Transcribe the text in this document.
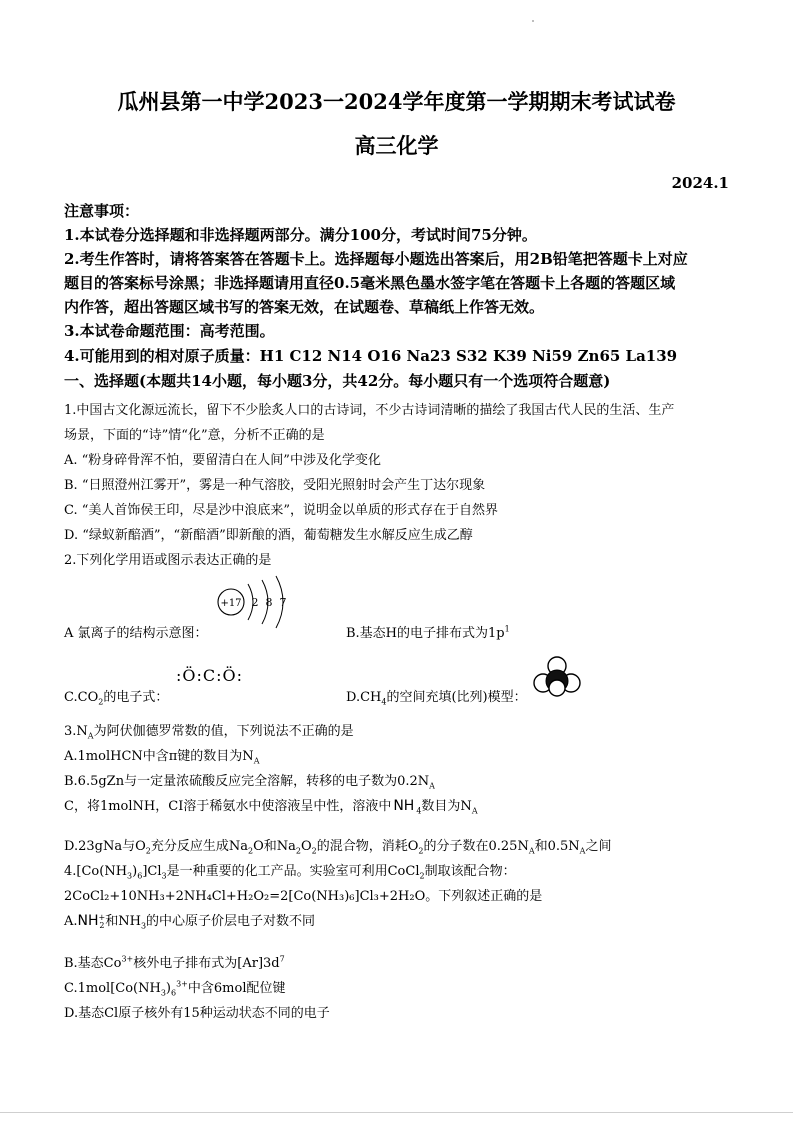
瓜州县第一中学2023一2024学年度第一学期期末考试试卷
高三化学
2024.1
注意事项：
1.本试卷分选择题和非选择题两部分。满分100分，考试时间75分钟。
2.考生作答时，请将答案答在答题卡上。选择题每小题选出答案后，用2B铅笔把答题卡上对应
题目的答案标号涂黑；非选择题请用直径0.5毫米黑色墨水签字笔在答题卡上各题的答题区域
内作答，超出答题区域书写的答案无效，在试题卷、草稿纸上作答无效。
3.本试卷命题范围：高考范围。
4.可能用到的相对原子质量：H1 C12 N14 O16 Na23 S32 K39 Ni59 Zn65 La139
一、选择题(本题共14小题，每小题3分，共42分。每小题只有一个选项符合题意)
1.中国古文化源远流长，留下不少脍炙人口的古诗词，不少古诗词清晰的描绘了我国古代人民的生活、生产
场景，下面的“诗”情“化”意，分析不正确的是
A. “粉身碎骨浑不怕，要留清白在人间”中涉及化学变化
B. “日照澄州江雾开”，雾是一种气溶胶，受阳光照射时会产生丁达尔现象
C. “美人首饰侯王印，尽是沙中浪底来”，说明金以单质的形式存在于自然界
D. “绿蚁新醅酒”，“新醅酒”即新酿的酒，葡萄糖发生水解反应生成乙醇
2.下列化学用语或图示表达正确的是
A 氯离子的结构示意图：
+17 2 8 7
B.基态H的电子排布式为$1p^1$
$C.CO_2$的电子式：
:Ö:C:Ö:
$D.CH_4$的空间充填(比列)模型：
$3.N_A$为阿伏伽德罗常数的值，下列说法不正确的是
A.1molHCN中含π键的数目为$N_A$
B.6.5gZn与一定量浓硫酸反应完全溶解，转移的电子数为$0.2N_A$
C，将1molNH，CI溶于稀氨水中使溶液呈中性，溶液中 NH $_4$数目为$N_A$
D.23gNa与$O_2$充分反应生成$Na_2O$和$Na_2O_2$的混合物，消耗$O_2$的分子数在$0.25N_A$和$0.5N_A$之间
$4.[Co(NH_3)_6]Cl_3$是一种重要的化工产品。实验室可利用CoCl$_2$制取该配合物：
2CoCl₂+10NH₃+2NH₄Cl+H₂O₂=2[Co(NH₃)₆]Cl₃+2H₂O。下列叙述正确的是
A.NH +
2 和$NH_3$的中心原子价层电子对数不同
B.基态$Co^{3+}$核外电子排布式为$[Ar]3d^7$
$C.1mol[Co(NH_3)_6^{3+}$中含6mol配位键
D.基态Cl原子核外有15种运动状态不同的电子
